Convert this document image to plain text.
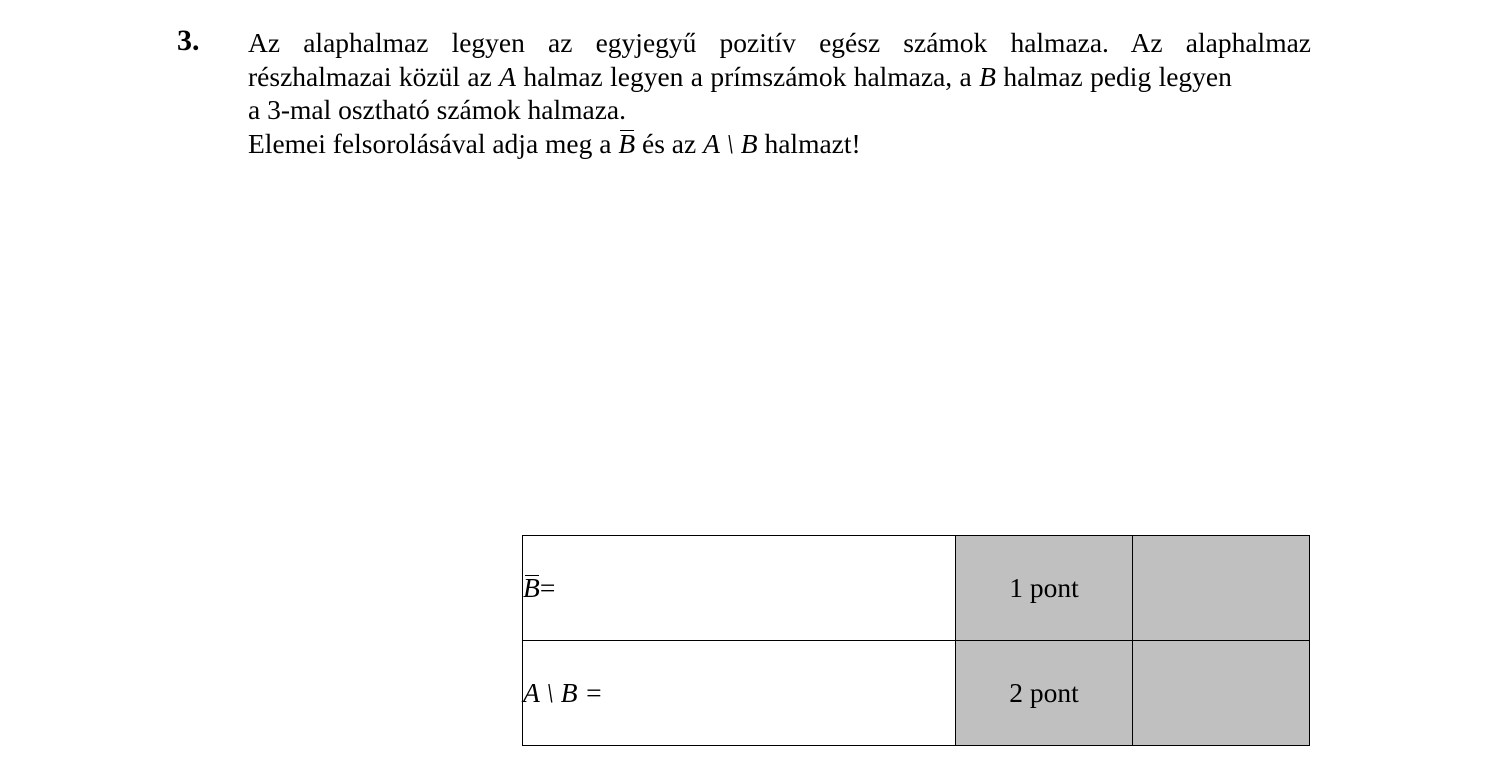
3. Az alaphalmaz legyen az egyjegyű pozitív egész számok halmaza. Az alaphalmaz
részhalmazai közül az A halmaz legyen a prímszámok halmaza, a B halmaz pedig legyen
a 3-mal osztható számok halmaza.
Elemei felsorolásával adja meg a B és az A \ B halmazt!
B=	1 pont	
A \ B =	2 pont	
